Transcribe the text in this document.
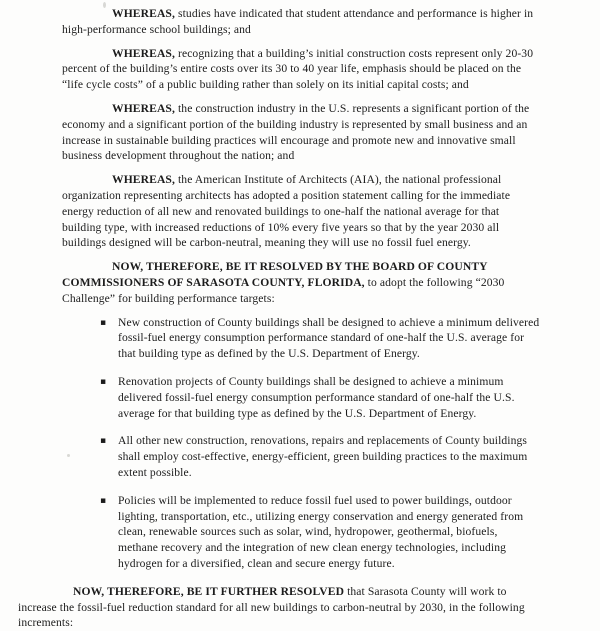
WHEREAS, studies have indicated that student attendance and performance is higher in high-performance school buildings; and

WHEREAS, recognizing that a building’s initial construction costs represent only 20-30 percent of the building’s entire costs over its 30 to 40 year life, emphasis should be placed on the “life cycle costs” of a public building rather than solely on its initial capital costs; and

WHEREAS, the construction industry in the U.S. represents a significant portion of the economy and a significant portion of the building industry is represented by small business and an increase in sustainable building practices will encourage and promote new and innovative small business development throughout the nation; and

WHEREAS, the American Institute of Architects (AIA), the national professional organization representing architects has adopted a position statement calling for the immediate energy reduction of all new and renovated buildings to one-half the national average for that building type, with increased reductions of 10% every five years so that by the year 2030 all buildings designed will be carbon-neutral, meaning they will use no fossil fuel energy.

NOW, THEREFORE, BE IT RESOLVED BY THE BOARD OF COUNTY COMMISSIONERS OF SARASOTA COUNTY, FLORIDA, to adopt the following “2030 Challenge” for building performance targets:

▪ New construction of County buildings shall be designed to achieve a minimum delivered fossil-fuel energy consumption performance standard of one-half the U.S. average for that building type as defined by the U.S. Department of Energy.
▪ Renovation projects of County buildings shall be designed to achieve a minimum delivered fossil-fuel energy consumption performance standard of one-half the U.S. average for that building type as defined by the U.S. Department of Energy.
▪ All other new construction, renovations, repairs and replacements of County buildings shall employ cost-effective, energy-efficient, green building practices to the maximum extent possible.
▪ Policies will be implemented to reduce fossil fuel used to power buildings, outdoor lighting, transportation, etc., utilizing energy conservation and energy generated from clean, renewable sources such as solar, wind, hydropower, geothermal, biofuels, methane recovery and the integration of new clean energy technologies, including hydrogen for a diversified, clean and secure energy future.

NOW, THEREFORE, BE IT FURTHER RESOLVED that Sarasota County will work to increase the fossil-fuel reduction standard for all new buildings to carbon-neutral by 2030, in the following increments:
